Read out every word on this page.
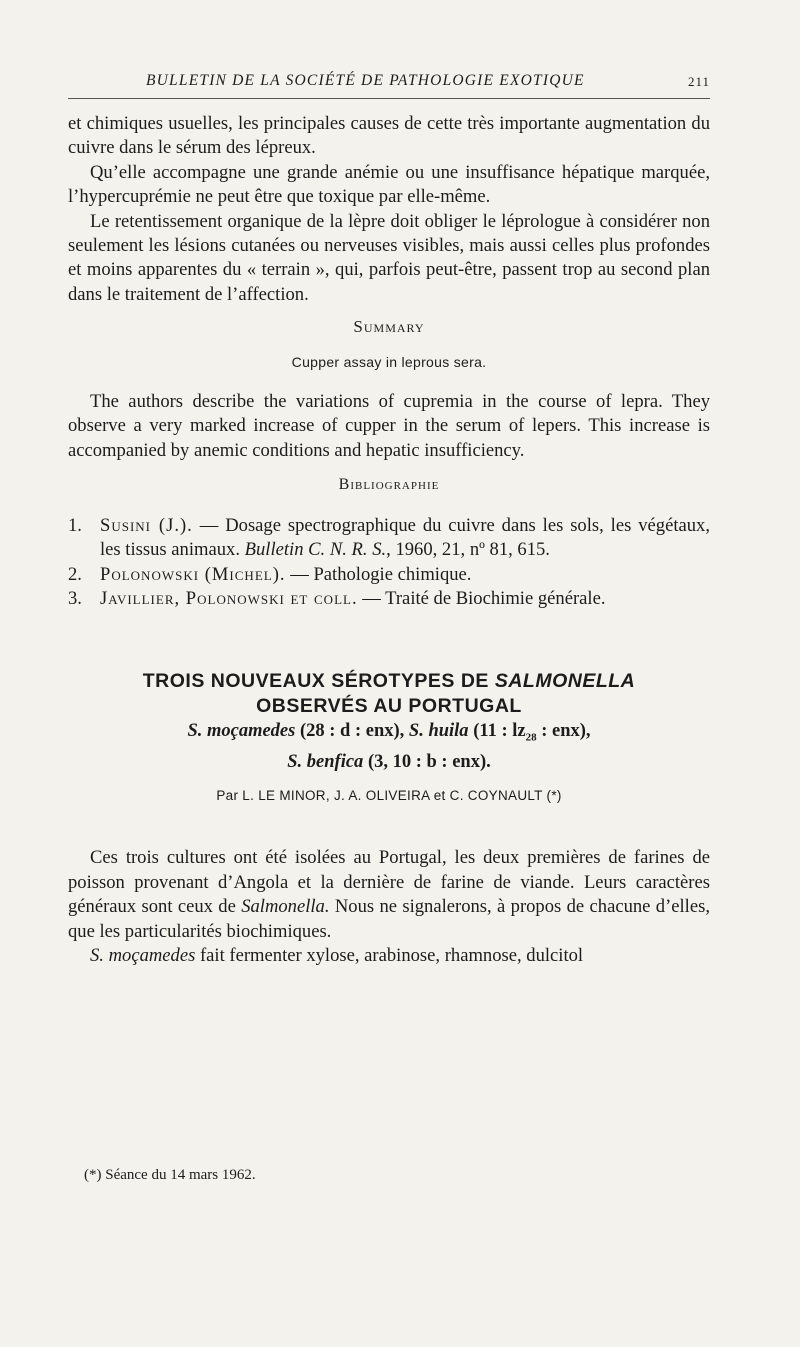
BULLETIN DE LA SOCIÉTÉ DE PATHOLOGIE EXOTIQUE	211

et chimiques usuelles, les principales causes de cette très importante augmentation du cuivre dans le sérum des lépreux.

Qu’elle accompagne une grande anémie ou une insuffisance hépatique marquée, l’hypercuprémie ne peut être que toxique par elle-même.

Le retentissement organique de la lèpre doit obliger le léprologue à considérer non seulement les lésions cutanées ou nerveuses visibles, mais aussi celles plus profondes et moins apparentes du « terrain », qui, parfois peut-être, passent trop au second plan dans le traitement de l’affection.

Summary

Cupper assay in leprous sera.

The authors describe the variations of cupremia in the course of lepra. They observe a very marked increase of cupper in the serum of lepers. This increase is accompanied by anemic conditions and hepatic insufficiency.

Bibliographie

1. Susini (J.). — Dosage spectrographique du cuivre dans les sols, les végétaux, les tissus animaux. Bulletin C. N. R. S., 1960, 21, nº 81, 615.

2. Polonowski (Michel). — Pathologie chimique.

3. Javillier, Polonowski et coll. — Traité de Biochimie générale.

TROIS NOUVEAUX SÉROTYPES DE SALMONELLA
OBSERVÉS AU PORTUGAL

S. moçamedes (28 : d : enx), S. huila (11 : $lz_{28}$ : enx),
S. benfica (3, 10 : b : enx).

Par L. LE MINOR, J. A. OLIVEIRA et C. COYNAULT (*)

Ces trois cultures ont été isolées au Portugal, les deux premières de farines de poisson provenant d’Angola et la dernière de farine de viande. Leurs caractères généraux sont ceux de Salmonella. Nous ne signalerons, à propos de chacune d’elles, que les particularités biochimiques.

S. moçamedes fait fermenter xylose, arabinose, rhamnose, dulcitol

(*) Séance du 14 mars 1962.
